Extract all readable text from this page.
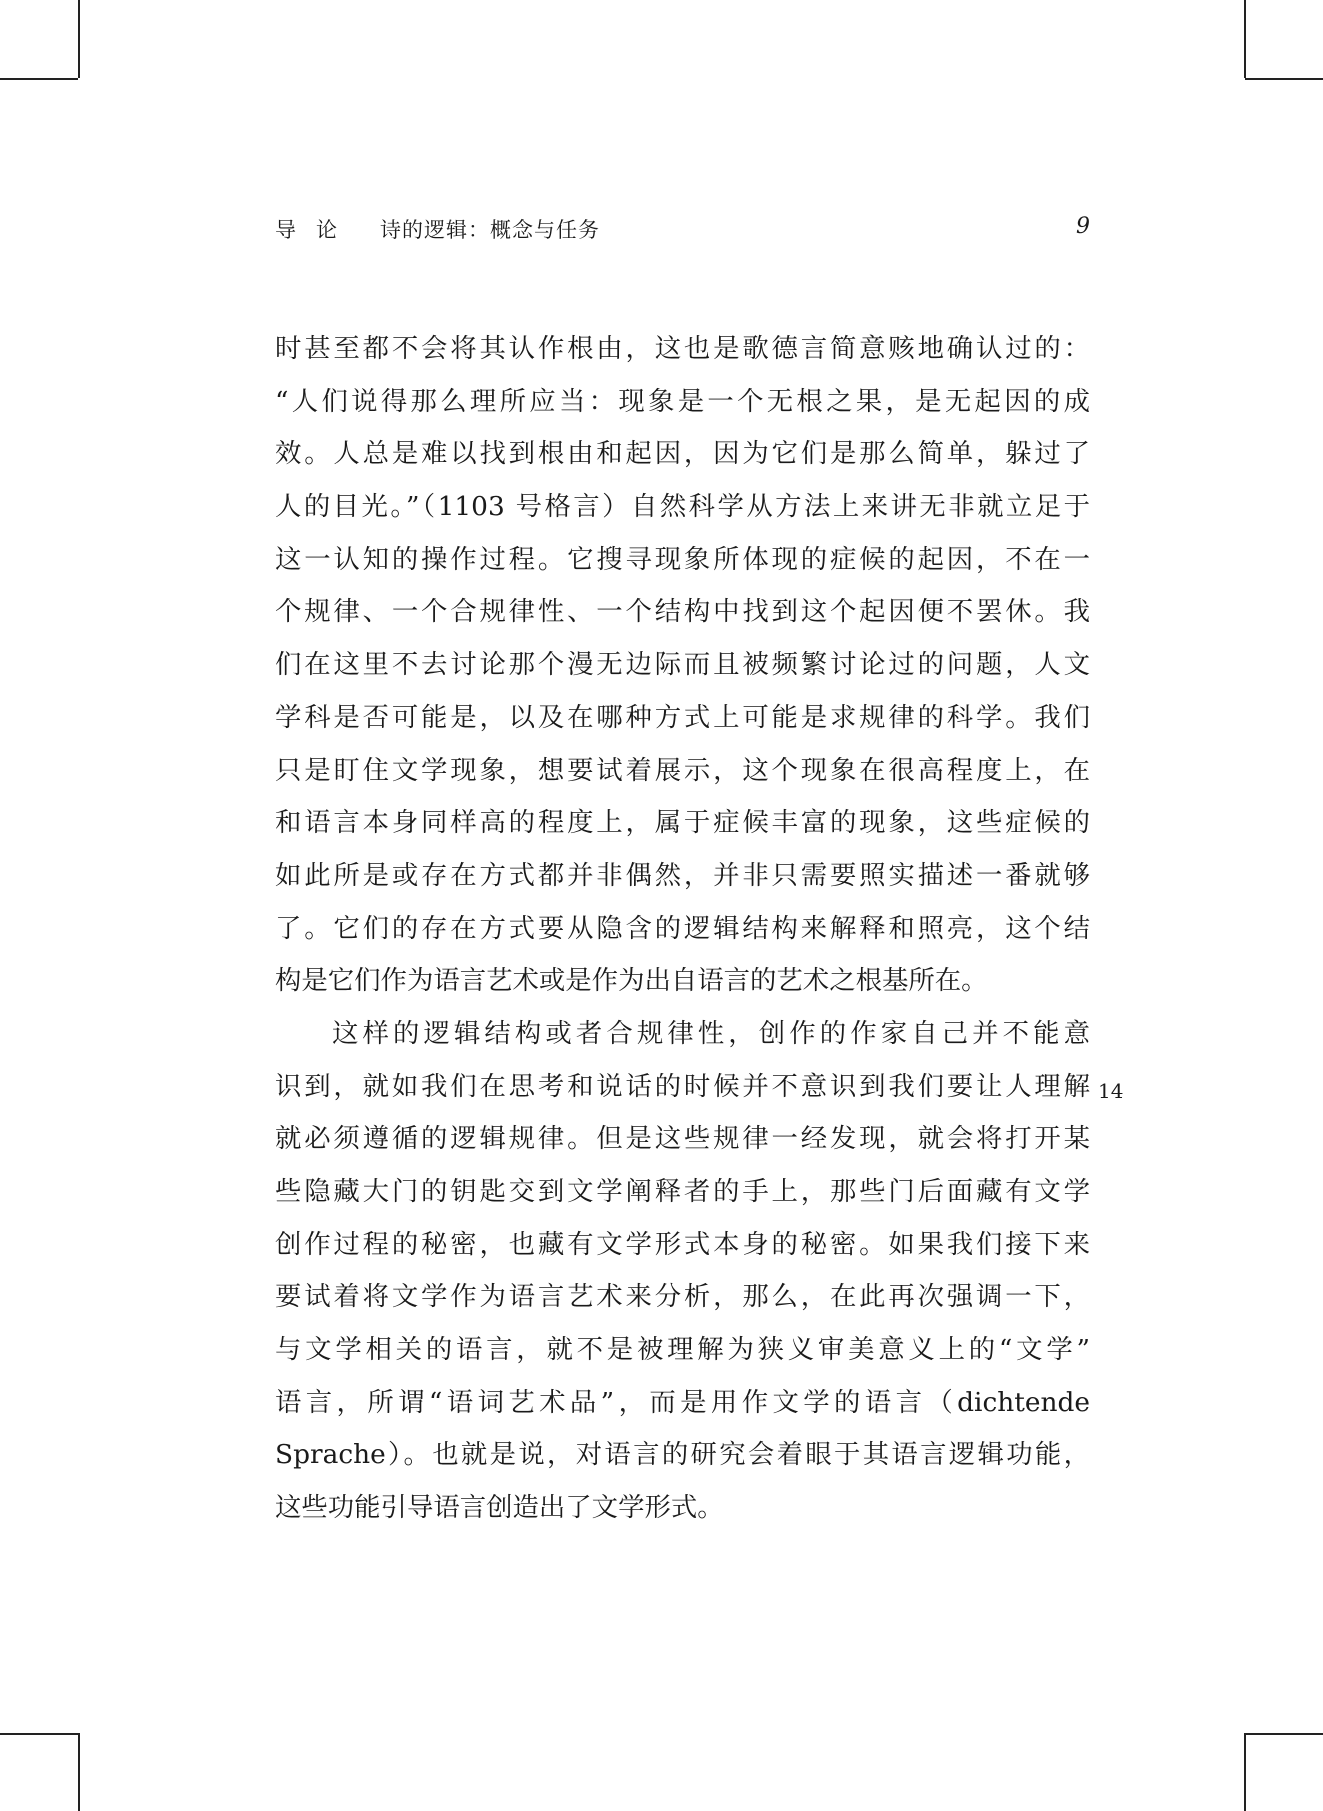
导论   诗的逻辑：概念与任务	9
时甚至都不会将其认作根由，这也是歌德言简意赅地确认过的：
“人们说得那么理所应当：现象是一个无根之果，是无起因的成
效。人总是难以找到根由和起因，因为它们是那么简单，躲过了
人的目光。”（1103 号格言）自然科学从方法上来讲无非就立足于
这一认知的操作过程。它搜寻现象所体现的症候的起因，不在一
个规律、一个合规律性、一个结构中找到这个起因便不罢休。我
们在这里不去讨论那个漫无边际而且被频繁讨论过的问题，人文
学科是否可能是，以及在哪种方式上可能是求规律的科学。我们
只是盯住文学现象，想要试着展示，这个现象在很高程度上，在
和语言本身同样高的程度上，属于症候丰富的现象，这些症候的
如此所是或存在方式都并非偶然，并非只需要照实描述一番就够
了。它们的存在方式要从隐含的逻辑结构来解释和照亮，这个结
构是它们作为语言艺术或是作为出自语言的艺术之根基所在。
这样的逻辑结构或者合规律性，创作的作家自己并不能意
识到，就如我们在思考和说话的时候并不意识到我们要让人理解
就必须遵循的逻辑规律。但是这些规律一经发现，就会将打开某
些隐藏大门的钥匙交到文学阐释者的手上，那些门后面藏有文学
创作过程的秘密，也藏有文学形式本身的秘密。如果我们接下来
要试着将文学作为语言艺术来分析，那么，在此再次强调一下，
与文学相关的语言，就不是被理解为狭义审美意义上的“文学”
语言，所谓“语词艺术品”，而是用作文学的语言（dichtende
Sprache）。也就是说，对语言的研究会着眼于其语言逻辑功能，
这些功能引导语言创造出了文学形式。
14
